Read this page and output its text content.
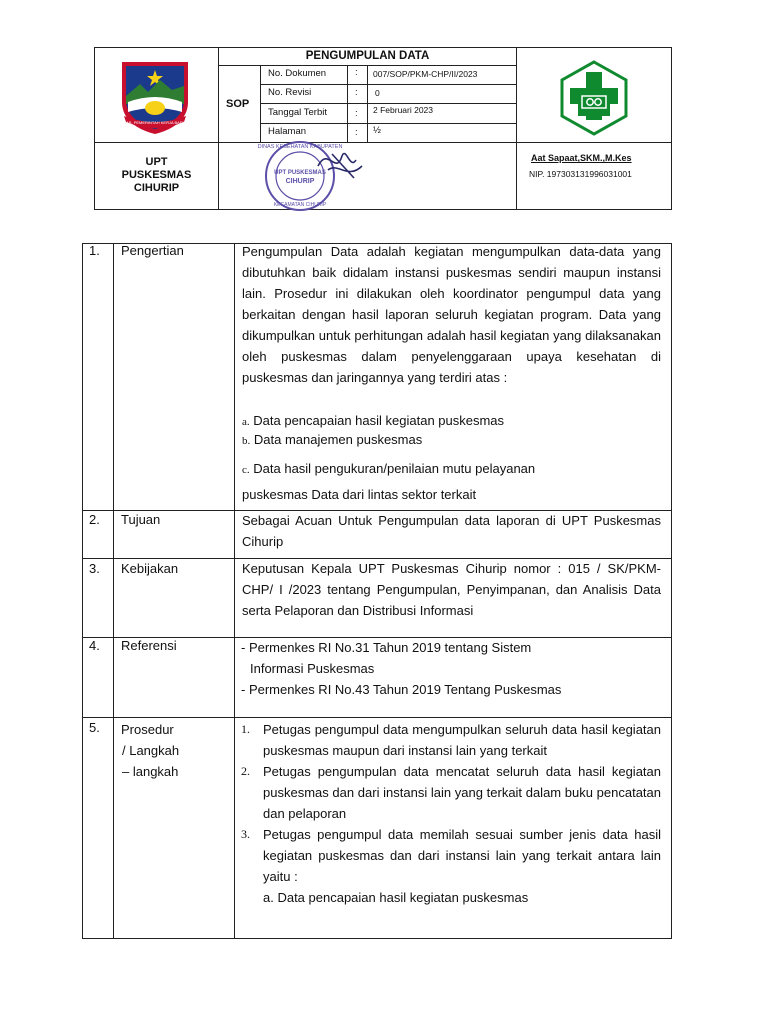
PENGUMPULAN DATA
SOP
No. Dokumen	: 007/SOP/PKM-CHP/II/2023
No. Revisi	: 0
Tanggal Terbit	: 2 Februari 2023
Halaman	: ½
KAB. PEMERINTAH KERJA BARIS
UPT
PUSKESMAS
CIHURIP
DINAS KESEHATAN KABUPATEN
UPT PUSKESMAS
CIHURIP
KECAMATAN CIHURIP
Aat Sapaat,SKM.,M.Kes
NIP. 197303131996031001
1. Pengertian	Pengumpulan Data adalah kegiatan mengumpulkan data-data yang dibutuhkan baik didalam instansi puskesmas sendiri maupun instansi lain. Prosedur ini dilakukan oleh koordinator pengumpul data yang berkaitan dengan hasil laporan seluruh kegiatan program. Data yang dikumpulkan untuk perhitungan adalah hasil kegiatan yang dilaksanakan oleh puskesmas dalam penyelenggaraan upaya kesehatan di puskesmas dan jaringannya yang terdiri atas :
a. Data pencapaian hasil kegiatan puskesmas
b. Data manajemen puskesmas
c. Data hasil pengukuran/penilaian mutu pelayanan
puskesmas Data dari lintas sektor terkait
2. Tujuan	Sebagai Acuan Untuk Pengumpulan data laporan di UPT Puskesmas Cihurip
3. Kebijakan	Keputusan Kepala UPT Puskesmas Cihurip nomor : 015 / SK/PKM-CHP/ I /2023 tentang Pengumpulan, Penyimpanan, dan Analisis Data serta Pelaporan dan Distribusi Informasi
4. Referensi	- Permenkes RI No.31 Tahun 2019 tentang Sistem
Informasi Puskesmas
- Permenkes RI No.43 Tahun 2019 Tentang Puskesmas
5. Prosedur
/ Langkah
– langkah
1.	Petugas pengumpul data mengumpulkan seluruh data hasil kegiatan puskesmas maupun dari instansi lain yang terkait
2.	Petugas pengumpulan data mencatat seluruh data hasil kegiatan puskesmas dan dari instansi lain yang terkait dalam buku pencatatan dan pelaporan
3.	Petugas pengumpul data memilah sesuai sumber jenis data hasil kegiatan puskesmas dan dari instansi lain yang terkait antara lain yaitu :
a. Data pencapaian hasil kegiatan puskesmas
